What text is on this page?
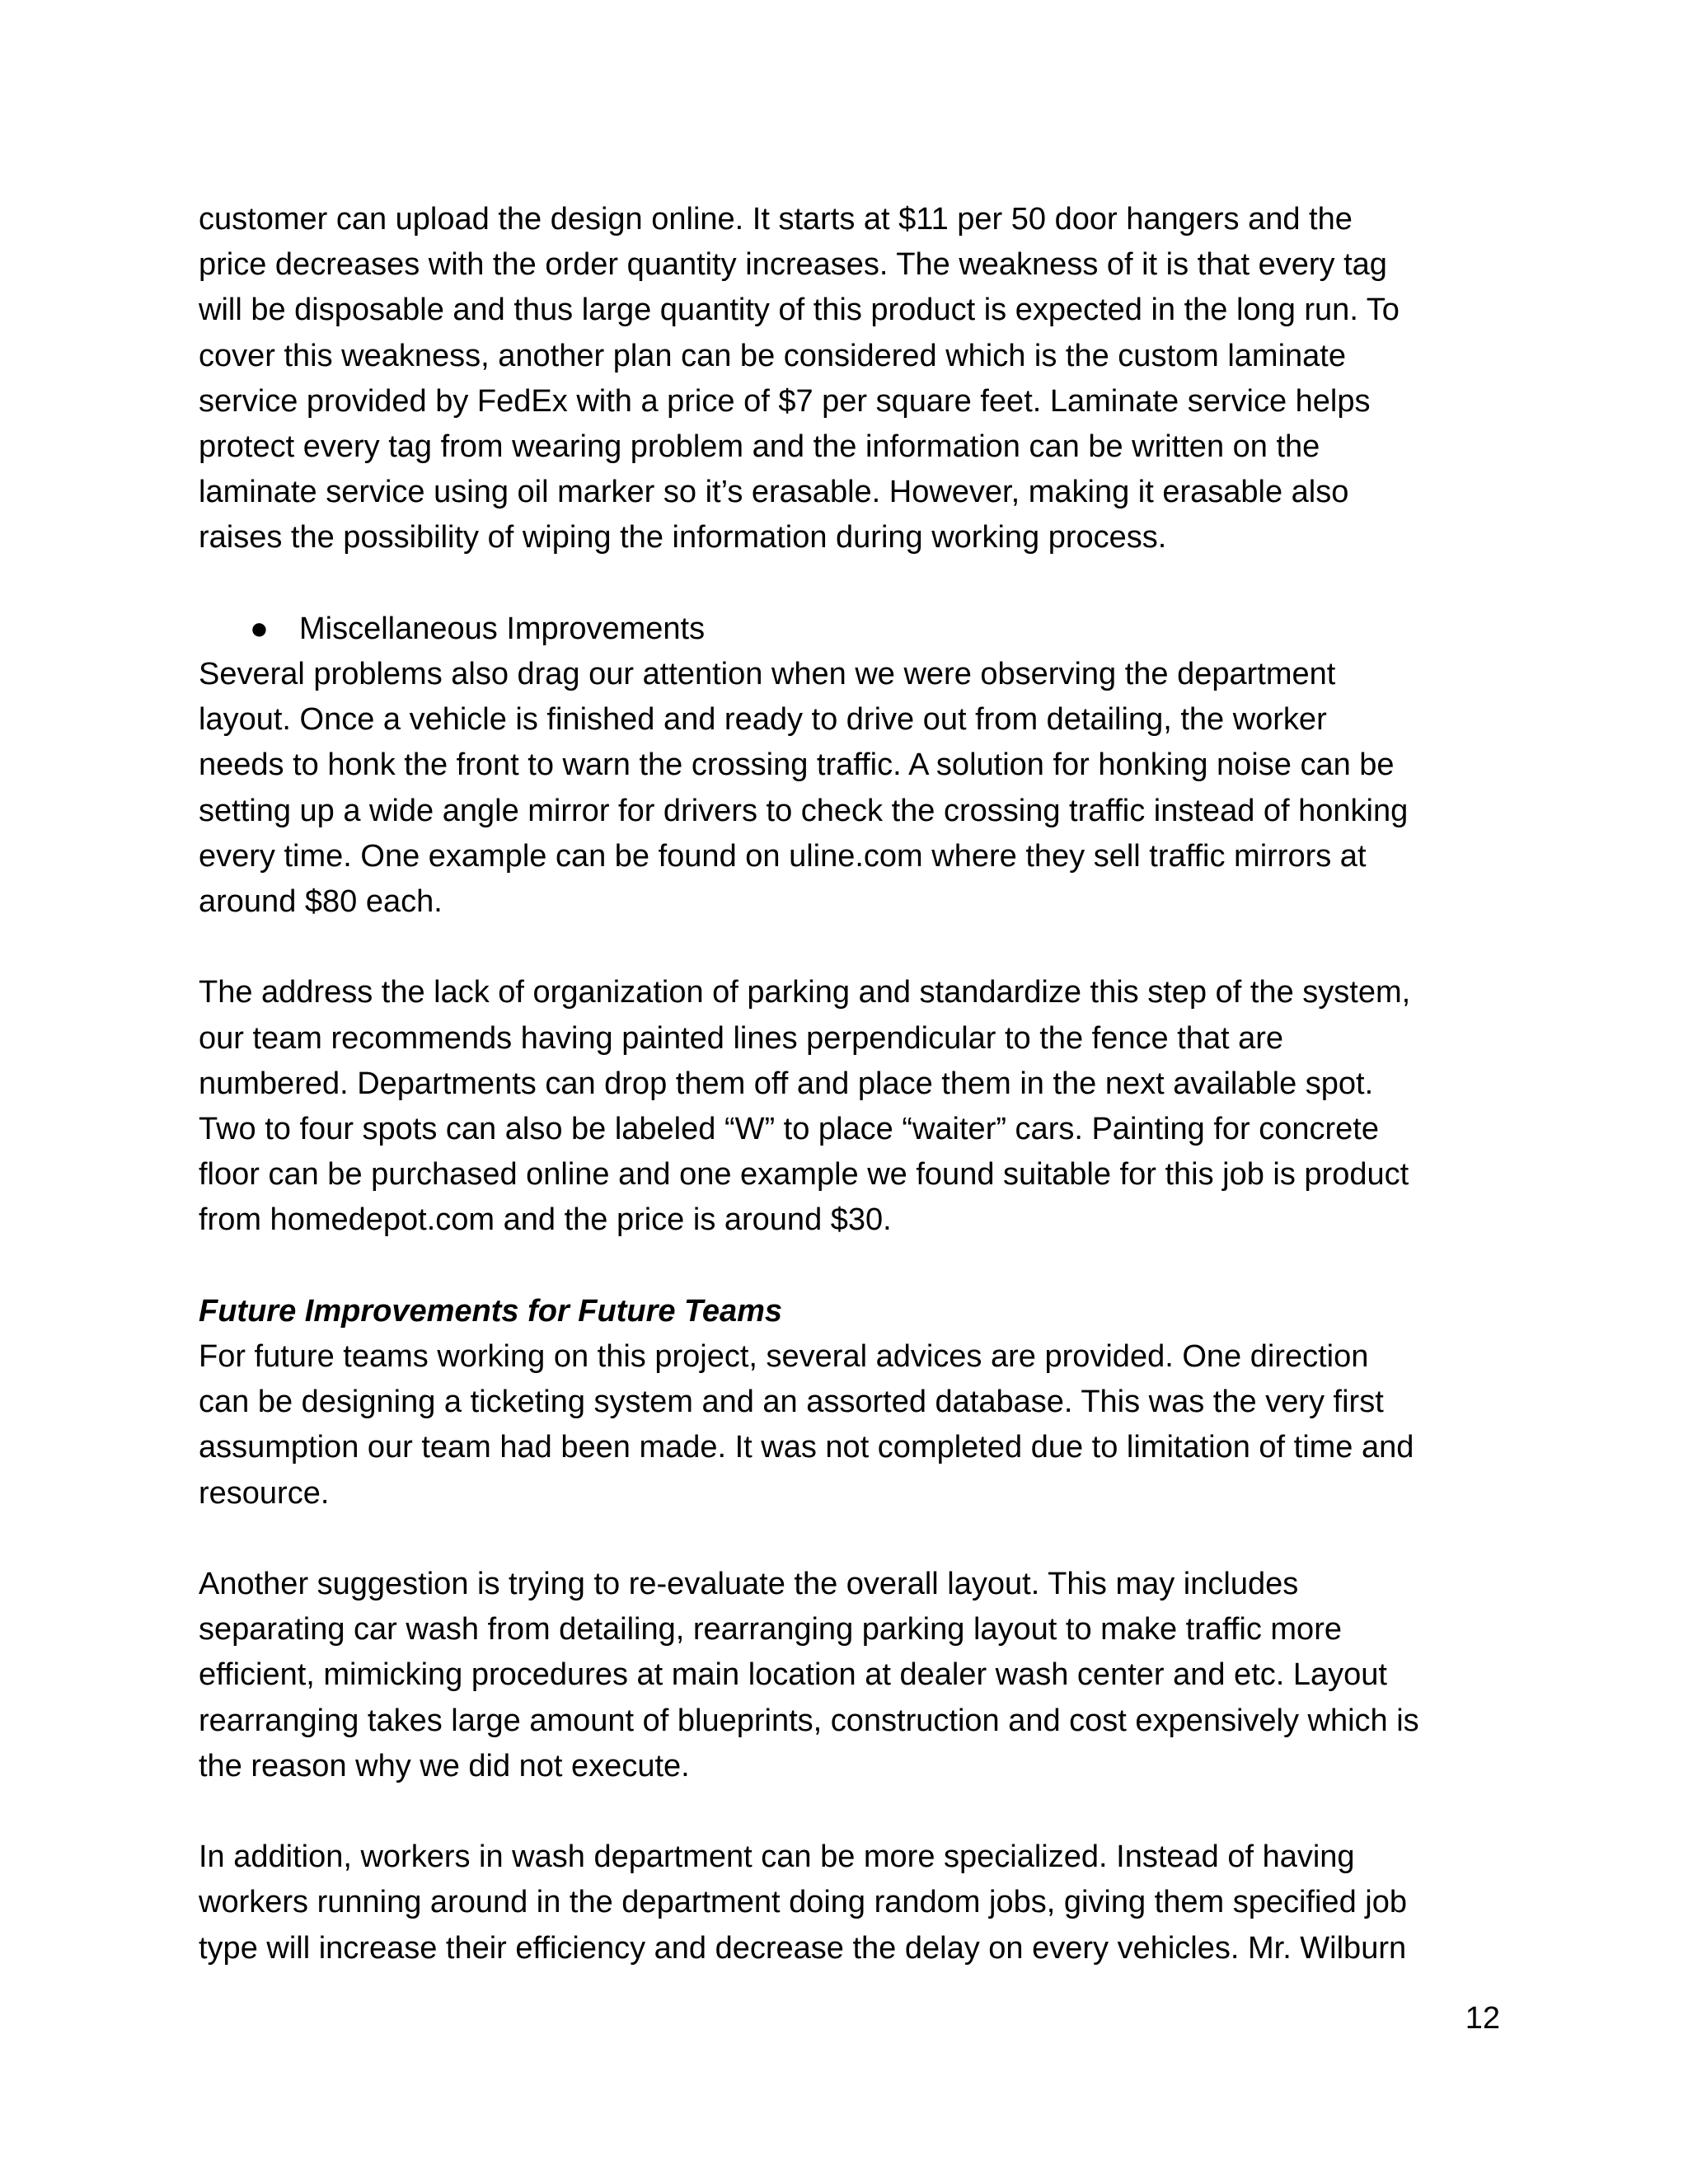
customer can upload the design online. It starts at $11 per 50 door hangers and the
price decreases with the order quantity increases. The weakness of it is that every tag
will be disposable and thus large quantity of this product is expected in the long run. To
cover this weakness, another plan can be considered which is the custom laminate
service provided by FedEx with a price of $7 per square feet. Laminate service helps
protect every tag from wearing problem and the information can be written on the
laminate service using oil marker so it’s erasable. However, making it erasable also
raises the possibility of wiping the information during working process.

● Miscellaneous Improvements

Several problems also drag our attention when we were observing the department
layout. Once a vehicle is finished and ready to drive out from detailing, the worker
needs to honk the front to warn the crossing traffic. A solution for honking noise can be
setting up a wide angle mirror for drivers to check the crossing traffic instead of honking
every time. One example can be found on uline.com where they sell traffic mirrors at
around $80 each.

The address the lack of organization of parking and standardize this step of the system,
our team recommends having painted lines perpendicular to the fence that are
numbered. Departments can drop them off and place them in the next available spot.
Two to four spots can also be labeled “W” to place “waiter” cars. Painting for concrete
floor can be purchased online and one example we found suitable for this job is product
from homedepot.com and the price is around $30.

Future Improvements for Future Teams

For future teams working on this project, several advices are provided. One direction
can be designing a ticketing system and an assorted database. This was the very first
assumption our team had been made. It was not completed due to limitation of time and
resource.

Another suggestion is trying to re-evaluate the overall layout. This may includes
separating car wash from detailing, rearranging parking layout to make traffic more
efficient, mimicking procedures at main location at dealer wash center and etc. Layout
rearranging takes large amount of blueprints, construction and cost expensively which is
the reason why we did not execute.

In addition, workers in wash department can be more specialized. Instead of having
workers running around in the department doing random jobs, giving them specified job
type will increase their efficiency and decrease the delay on every vehicles. Mr. Wilburn

12
